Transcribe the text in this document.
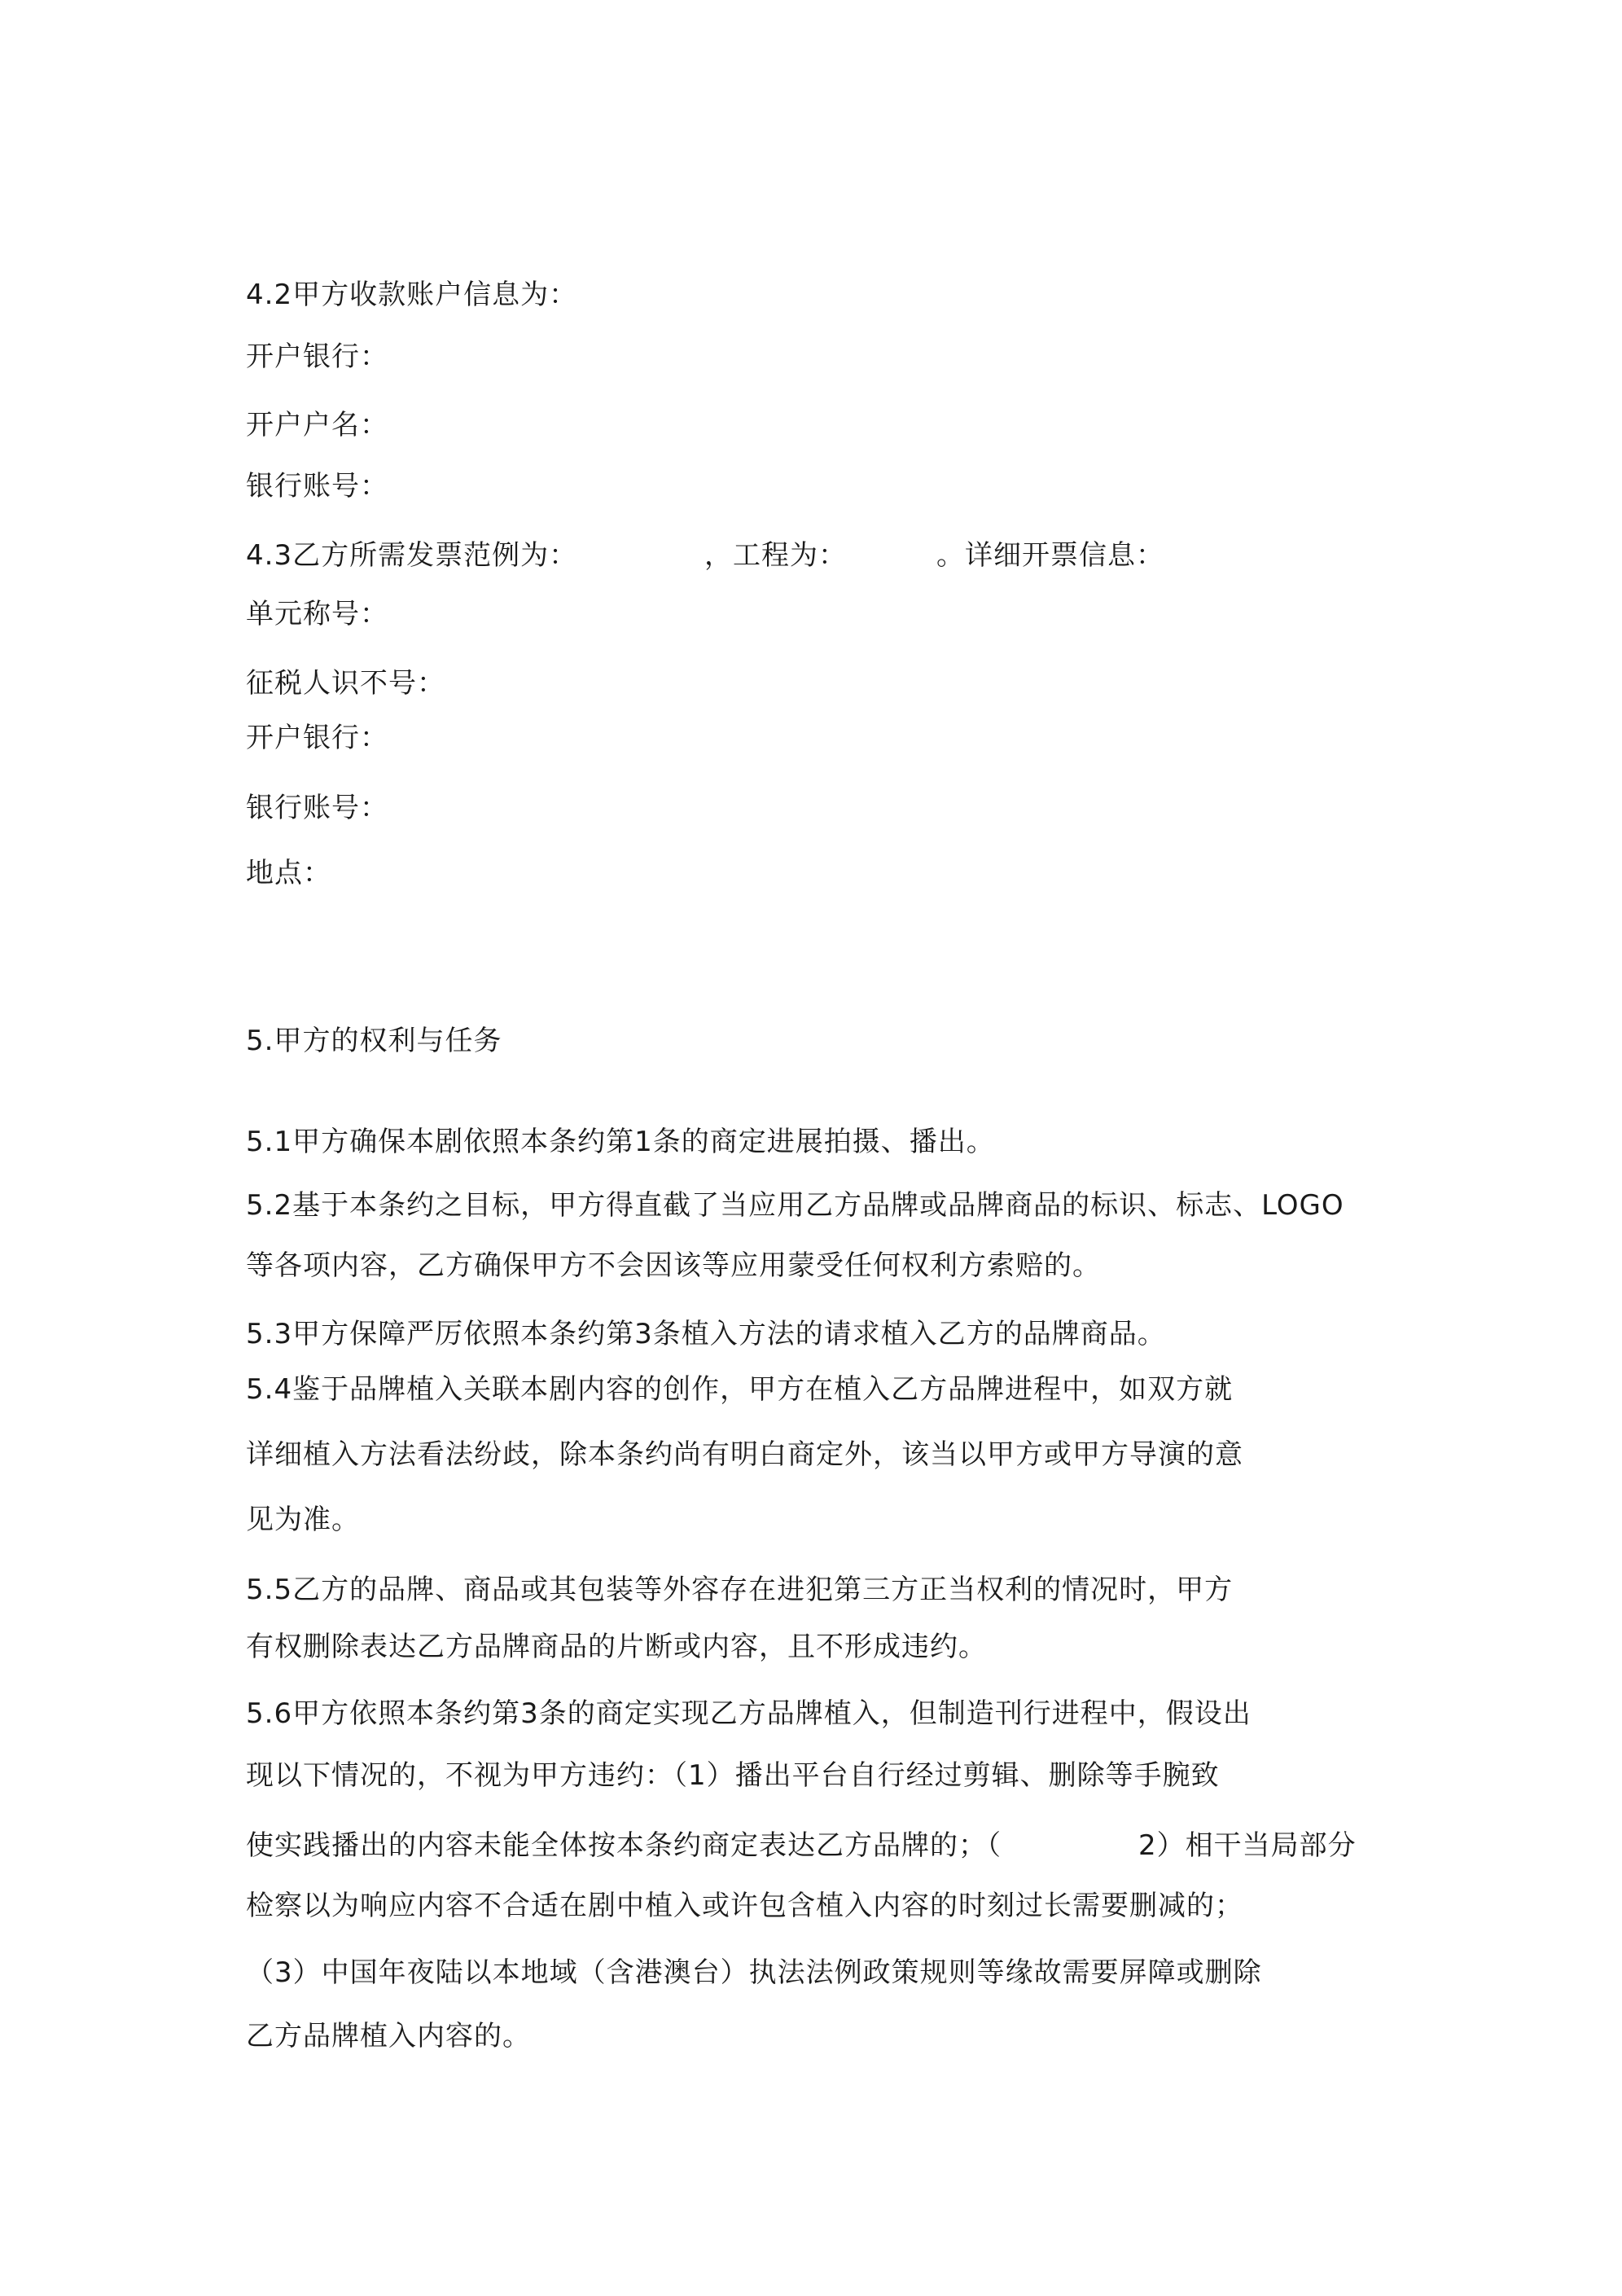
4.2甲方收款账户信息为：
开户银行：
开户户名：
银行账号：
4.3乙方所需发票范例为：	，工程为：	。详细开票信息：
单元称号：
征税人识不号：
开户银行：
银行账号：
地点：
5.甲方的权利与任务
5.1甲方确保本剧依照本条约第1条的商定进展拍摄、播出。
5.2基于本条约之目标，甲方得直截了当应用乙方品牌或品牌商品的标识、标志、LOGO
等各项内容，乙方确保甲方不会因该等应用蒙受任何权利方索赔的。
5.3甲方保障严厉依照本条约第3条植入方法的请求植入乙方的品牌商品。
5.4鉴于品牌植入关联本剧内容的创作，甲方在植入乙方品牌进程中，如双方就
详细植入方法看法纷歧，除本条约尚有明白商定外，该当以甲方或甲方导演的意
见为准。
5.5乙方的品牌、商品或其包装等外容存在进犯第三方正当权利的情况时，甲方
有权删除表达乙方品牌商品的片断或内容，且不形成违约。
5.6甲方依照本条约第3条的商定实现乙方品牌植入，但制造刊行进程中，假设出
现以下情况的，不视为甲方违约：（1）播出平台自行经过剪辑、删除等手腕致
使实践播出的内容未能全体按本条约商定表达乙方品牌的；（	2）相干当局部分
检察以为响应内容不合适在剧中植入或许包含植入内容的时刻过长需要删减的；
（3）中国年夜陆以本地域（含港澳台）执法法例政策规则等缘故需要屏障或删除
乙方品牌植入内容的。
